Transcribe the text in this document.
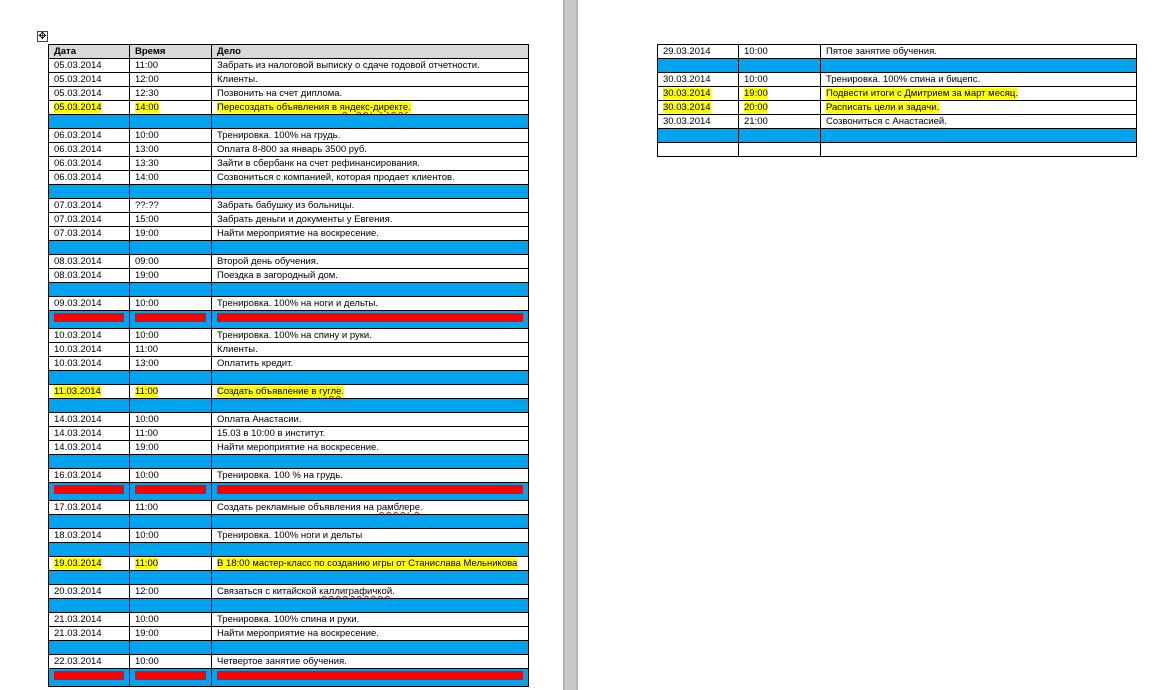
✥
Дата	Время	Дело
05.03.2014	11:00	Забрать из налоговой выписку о сдаче годовой отчетности.
05.03.2014	12:00	Клиенты.
05.03.2014	12:30	Позвонить на счет диплома.
05.03.2014	14:00	Пересоздать объявления в яндекс-директе.

06.03.2014	10:00	Тренировка. 100% на грудь.
06.03.2014	13:00	Оплата 8-800 за январь 3500 руб.
06.03.2014	13:30	Зайти в сбербанк на счет рефинансирования.
06.03.2014	14:00	Созвониться с компанией, которая продает клиентов.

07.03.2014	??:??	Забрать бабушку из больницы.
07.03.2014	15:00	Забрать деньги и документы у Евгения.
07.03.2014	19:00	Найти мероприятие на воскресение.

08.03.2014	09:00	Второй день обучения.
08.03.2014	19:00	Поездка в загородный дом.

09.03.2014	10:00	Тренировка. 100% на ноги и дельты.

10.03.2014	10:00	Тренировка. 100% на спину и руки.
10.03.2014	11:00	Клиенты.
10.03.2014	13:00	Оплатить кредит.

11.03.2014	11:00	Создать объявление в гугле.

14.03.2014	10:00	Оплата Анастасии.
14.03.2014	11:00	15.03 в 10:00 в институт.
14.03.2014	19:00	Найти мероприятие на воскресение.

16.03.2014	10:00	Тренировка. 100 % на грудь.

17.03.2014	11:00	Создать рекламные объявления на рамблере.

18.03.2014	10:00	Тренировка. 100% ноги и дельты

19.03.2014	11:00	В 18:00 мастер-класс по созданию игры от Станислава Мельникова

20.03.2014	12:00	Связаться с китайской каллиграфичкой.

21.03.2014	10:00	Тренировка. 100% спина и руки.
21.03.2014	19:00	Найти мероприятие на воскресение.

22.03.2014	10:00	Четвертое занятие обучения.

29.03.2014	10:00	Пятое занятие обучения.

30.03.2014	10:00	Тренировка. 100% спина и бицепс.
30.03.2014	19:00	Подвести итоги с Дмитрием за март месяц.
30.03.2014	20:00	Расписать цели и задачи.
30.03.2014	21:00	Созвониться с Анастасией.
